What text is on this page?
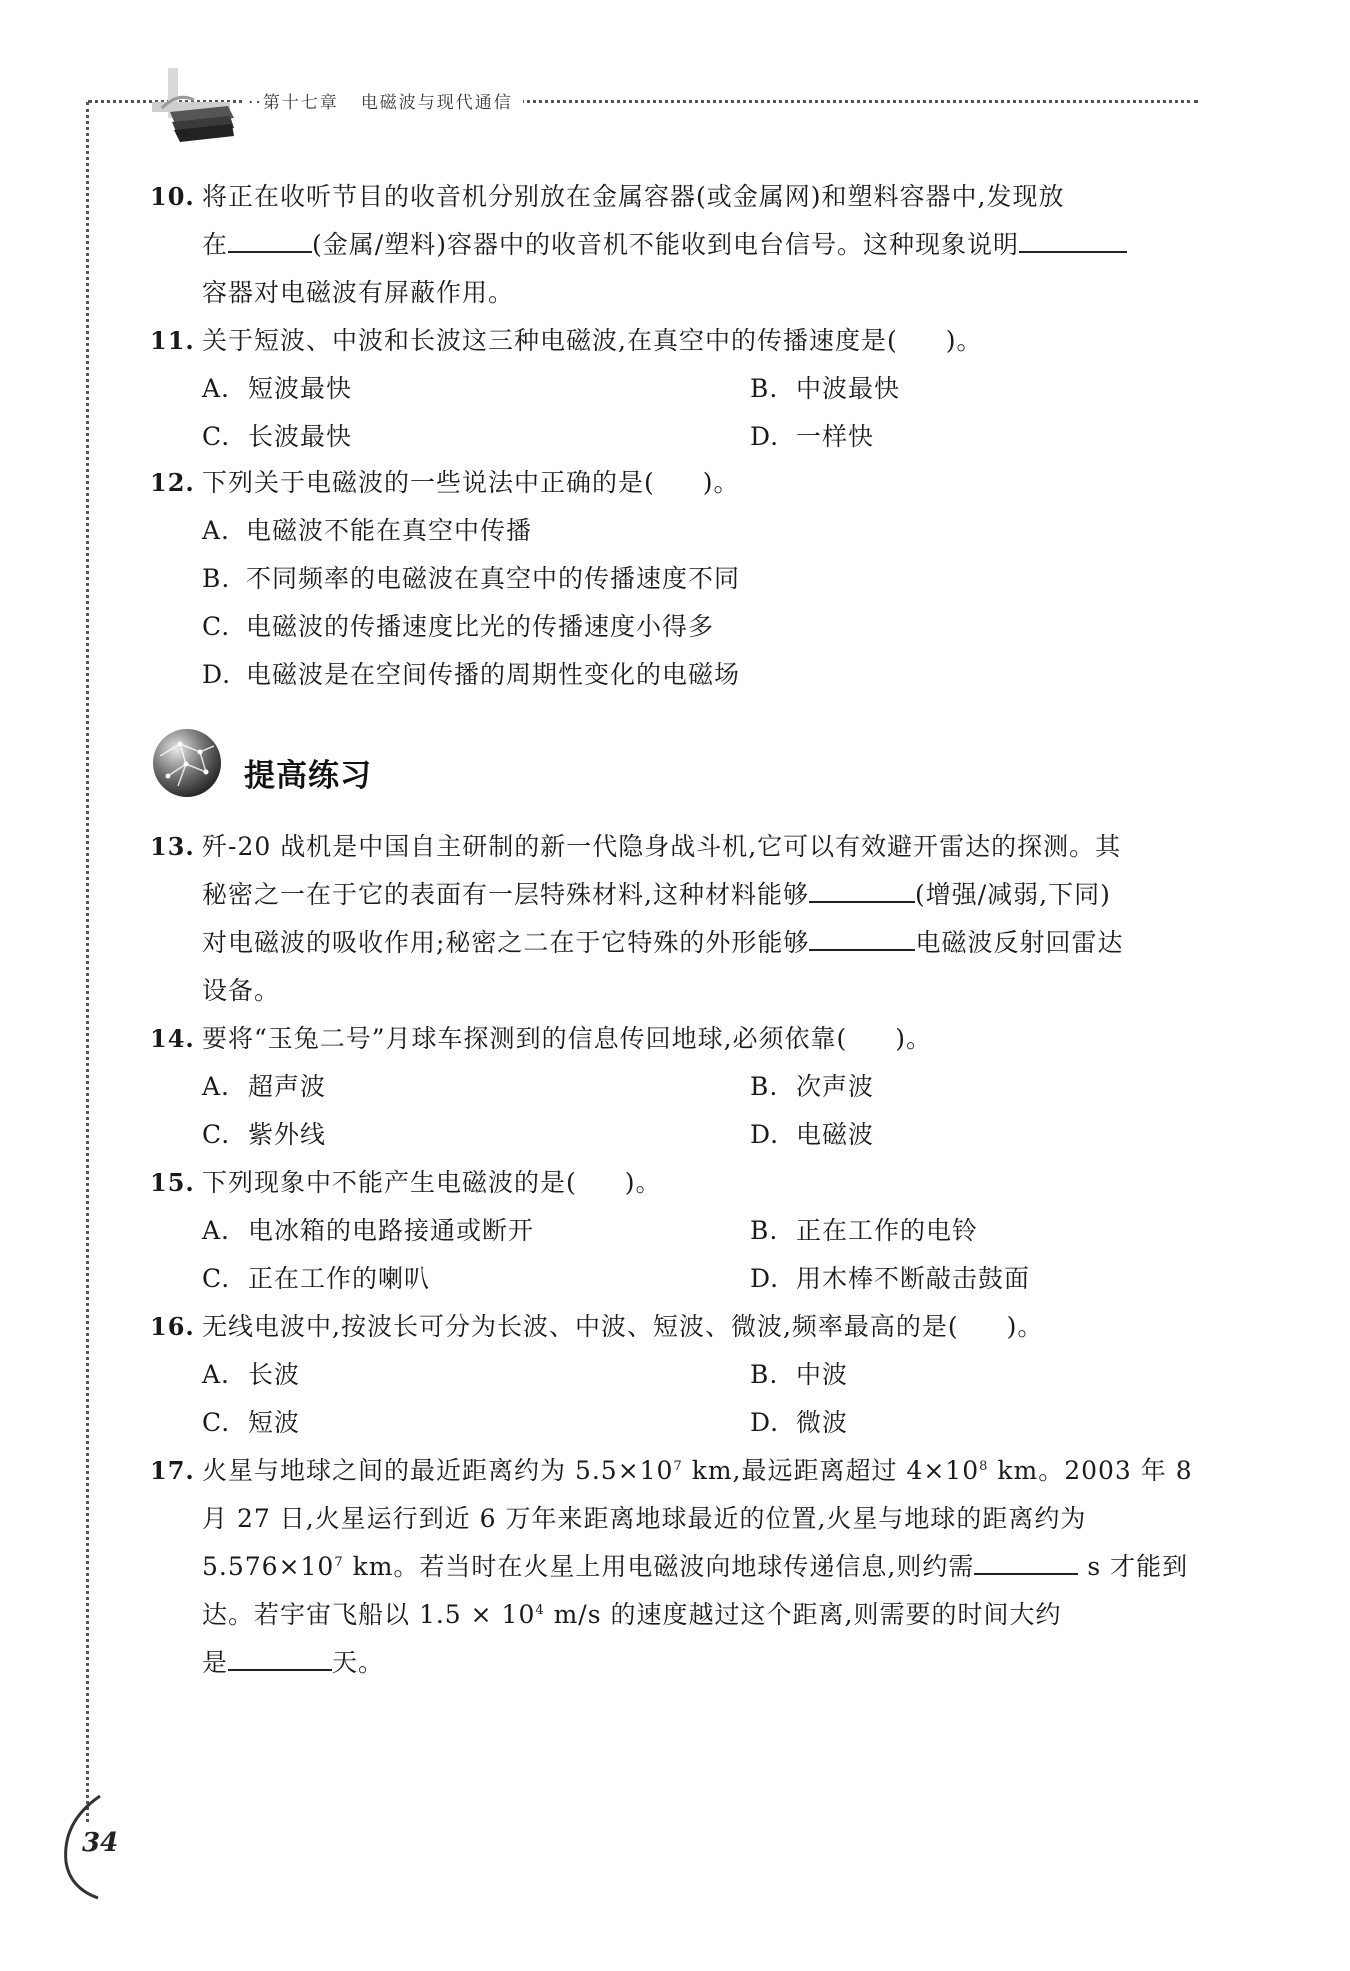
··第十七章 电磁波与现代通信
10. 将正在收听节目的收音机分别放在金属容器(或金属网)和塑料容器中,发现放
在	(金属/塑料)容器中的收音机不能收到电台信号。这种现象说明
容器对电磁波有屏蔽作用。
11. 关于短波、中波和长波这三种电磁波,在真空中的传播速度是( )。
A. 短波最快	B. 中波最快
C. 长波最快	D. 一样快
12. 下列关于电磁波的一些说法中正确的是( )。
A. 电磁波不能在真空中传播
B. 不同频率的电磁波在真空中的传播速度不同
C. 电磁波的传播速度比光的传播速度小得多
D. 电磁波是在空间传播的周期性变化的电磁场
提高练习
13. 歼-20 战机是中国自主研制的新一代隐身战斗机,它可以有效避开雷达的探测。其
秘密之一在于它的表面有一层特殊材料,这种材料能够	(增强/减弱,下同)
对电磁波的吸收作用;秘密之二在于它特殊的外形能够	电磁波反射回雷达
设备。
14. 要将“玉兔二号”月球车探测到的信息传回地球,必须依靠( )。
A. 超声波	B. 次声波
C. 紫外线	D. 电磁波
15. 下列现象中不能产生电磁波的是( )。
A. 电冰箱的电路接通或断开	B. 正在工作的电铃
C. 正在工作的喇叭	D. 用木棒不断敲击鼓面
16. 无线电波中,按波长可分为长波、中波、短波、微波,频率最高的是( )。
A. 长波	B. 中波
C. 短波	D. 微波
17. 火星与地球之间的最近距离约为 $5.5\times 10^7$ km,最远距离超过 $4\times 10^8$ km。2003 年 8
月 27 日,火星运行到近 6 万年来距离地球最近的位置,火星与地球的距离约为
$5.576\times 10^7$ km。若当时在火星上用电磁波向地球传递信息,则约需	s 才能到
达。若宇宙飞船以 $1.5 \times 10^4$ m/s 的速度越过这个距离,则需要的时间大约
是	天。
34
